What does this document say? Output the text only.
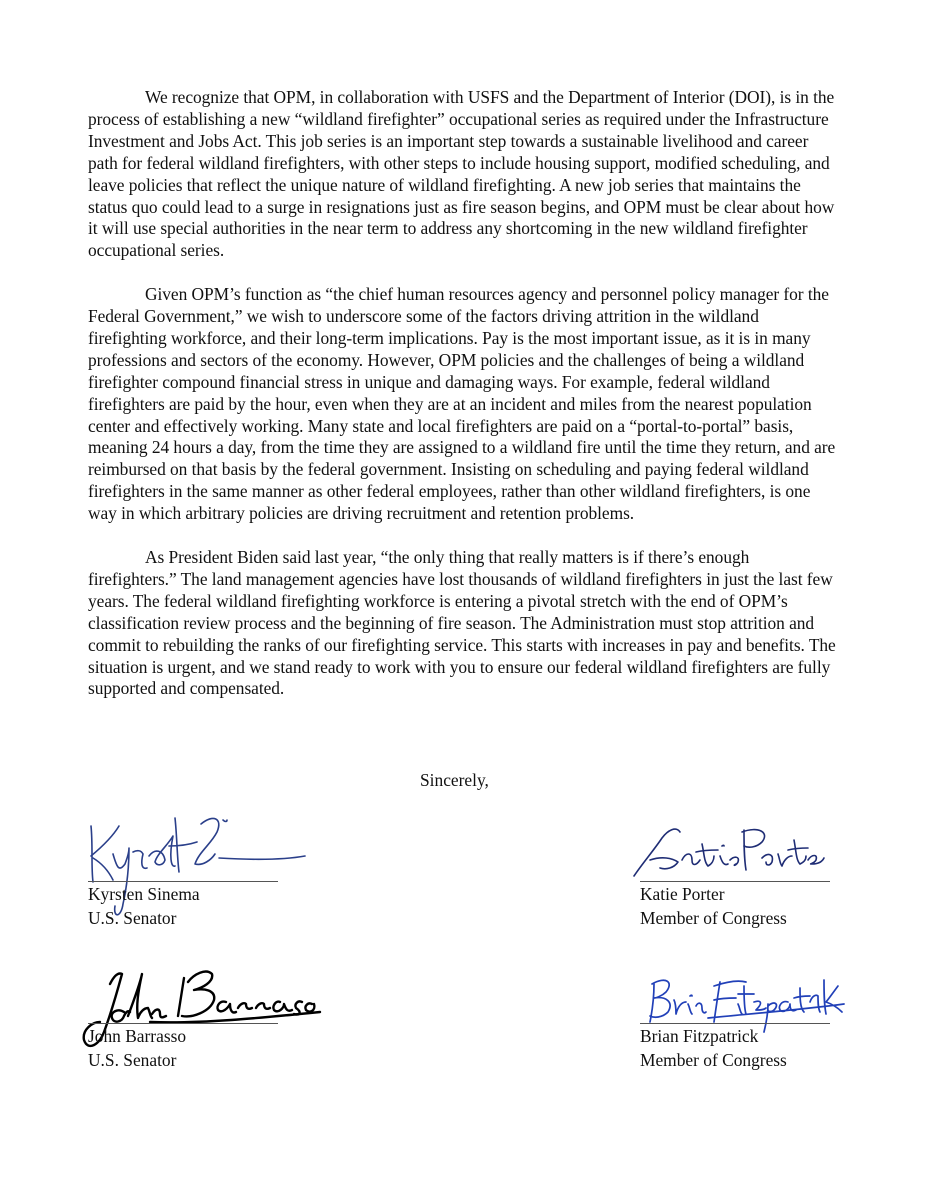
We recognize that OPM, in collaboration with USFS and the Department of Interior (DOI), is in the process of establishing a new “wildland firefighter” occupational series as required under the Infrastructure Investment and Jobs Act. This job series is an important step towards a sustainable livelihood and career path for federal wildland firefighters, with other steps to include housing support, modified scheduling, and leave policies that reflect the unique nature of wildland firefighting. A new job series that maintains the status quo could lead to a surge in resignations just as fire season begins, and OPM must be clear about how it will use special authorities in the near term to address any shortcoming in the new wildland firefighter occupational series.

Given OPM’s function as “the chief human resources agency and personnel policy manager for the Federal Government,” we wish to underscore some of the factors driving attrition in the wildland firefighting workforce, and their long-term implications. Pay is the most important issue, as it is in many professions and sectors of the economy. However, OPM policies and the challenges of being a wildland firefighter compound financial stress in unique and damaging ways. For example, federal wildland firefighters are paid by the hour, even when they are at an incident and miles from the nearest population center and effectively working. Many state and local firefighters are paid on a “portal-to-portal” basis, meaning 24 hours a day, from the time they are assigned to a wildland fire until the time they return, and are reimbursed on that basis by the federal government. Insisting on scheduling and paying federal wildland firefighters in the same manner as other federal employees, rather than other wildland firefighters, is one way in which arbitrary policies are driving recruitment and retention problems.

As President Biden said last year, “the only thing that really matters is if there’s enough firefighters.” The land management agencies have lost thousands of wildland firefighters in just the last few years. The federal wildland firefighting workforce is entering a pivotal stretch with the end of OPM’s classification review process and the beginning of fire season. The Administration must stop attrition and commit to rebuilding the ranks of our firefighting service. This starts with increases in pay and benefits. The situation is urgent, and we stand ready to work with you to ensure our federal wildland firefighters are fully supported and compensated.

Sincerely,
Kyrsten Sinema
U.S. Senator
Katie Porter
Member of Congress
John Barrasso
U.S. Senator
Brian Fitzpatrick
Member of Congress
